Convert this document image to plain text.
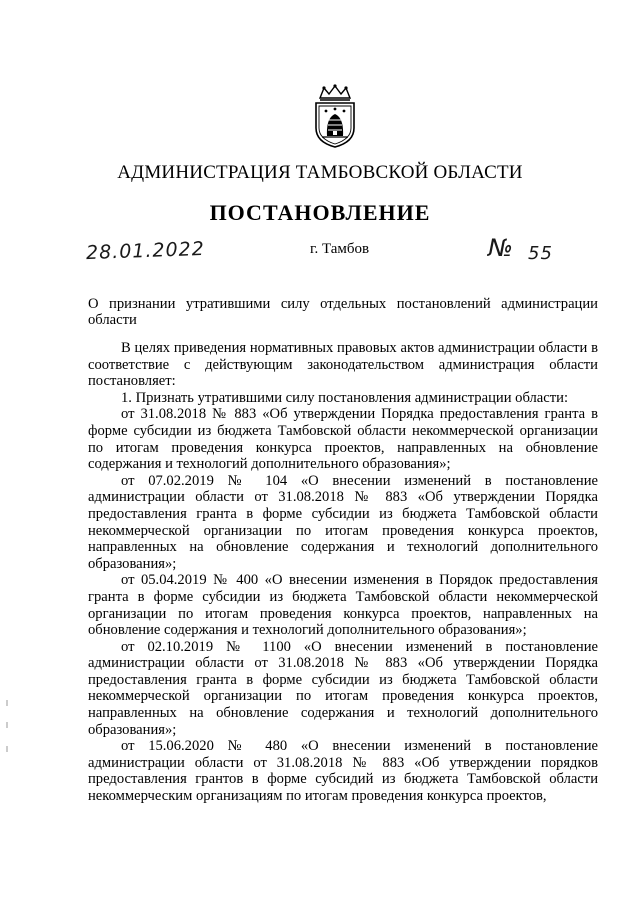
АДМИНИСТРАЦИЯ ТАМБОВСКОЙ ОБЛАСТИ
ПОСТАНОВЛЕНИЕ
28.01.2022	г. Тамбов	№ 55
О признании утратившими силу отдельных постановлений администрации области

В целях приведения нормативных правовых актов администрации области в соответствие с действующим законодательством администрация области постановляет:

1. Признать утратившими силу постановления администрации области:

от 31.08.2018 № 883 «Об утверждении Порядка предоставления гранта в форме субсидии из бюджета Тамбовской области некоммерческой организации по итогам проведения конкурса проектов, направленных на обновление содержания и технологий дополнительного образования»;

от 07.02.2019 № 104 «О внесении изменений в постановление администрации области от 31.08.2018 № 883 «Об утверждении Порядка предоставления гранта в форме субсидии из бюджета Тамбовской области некоммерческой организации по итогам проведения конкурса проектов, направленных на обновление содержания и технологий дополнительного образования»;

от 05.04.2019 № 400 «О внесении изменения в Порядок предоставления гранта в форме субсидии из бюджета Тамбовской области некоммерческой организации по итогам проведения конкурса проектов, направленных на обновление содержания и технологий дополнительного образования»;

от 02.10.2019 № 1100 «О внесении изменений в постановление администрации области от 31.08.2018 № 883 «Об утверждении Порядка предоставления гранта в форме субсидии из бюджета Тамбовской области некоммерческой организации по итогам проведения конкурса проектов, направленных на обновление содержания и технологий дополнительного образования»;

от 15.06.2020 № 480 «О внесении изменений в постановление администрации области от 31.08.2018 № 883 «Об утверждении порядков предоставления грантов в форме субсидий из бюджета Тамбовской области некоммерческим организациям по итогам проведения конкурса проектов,
